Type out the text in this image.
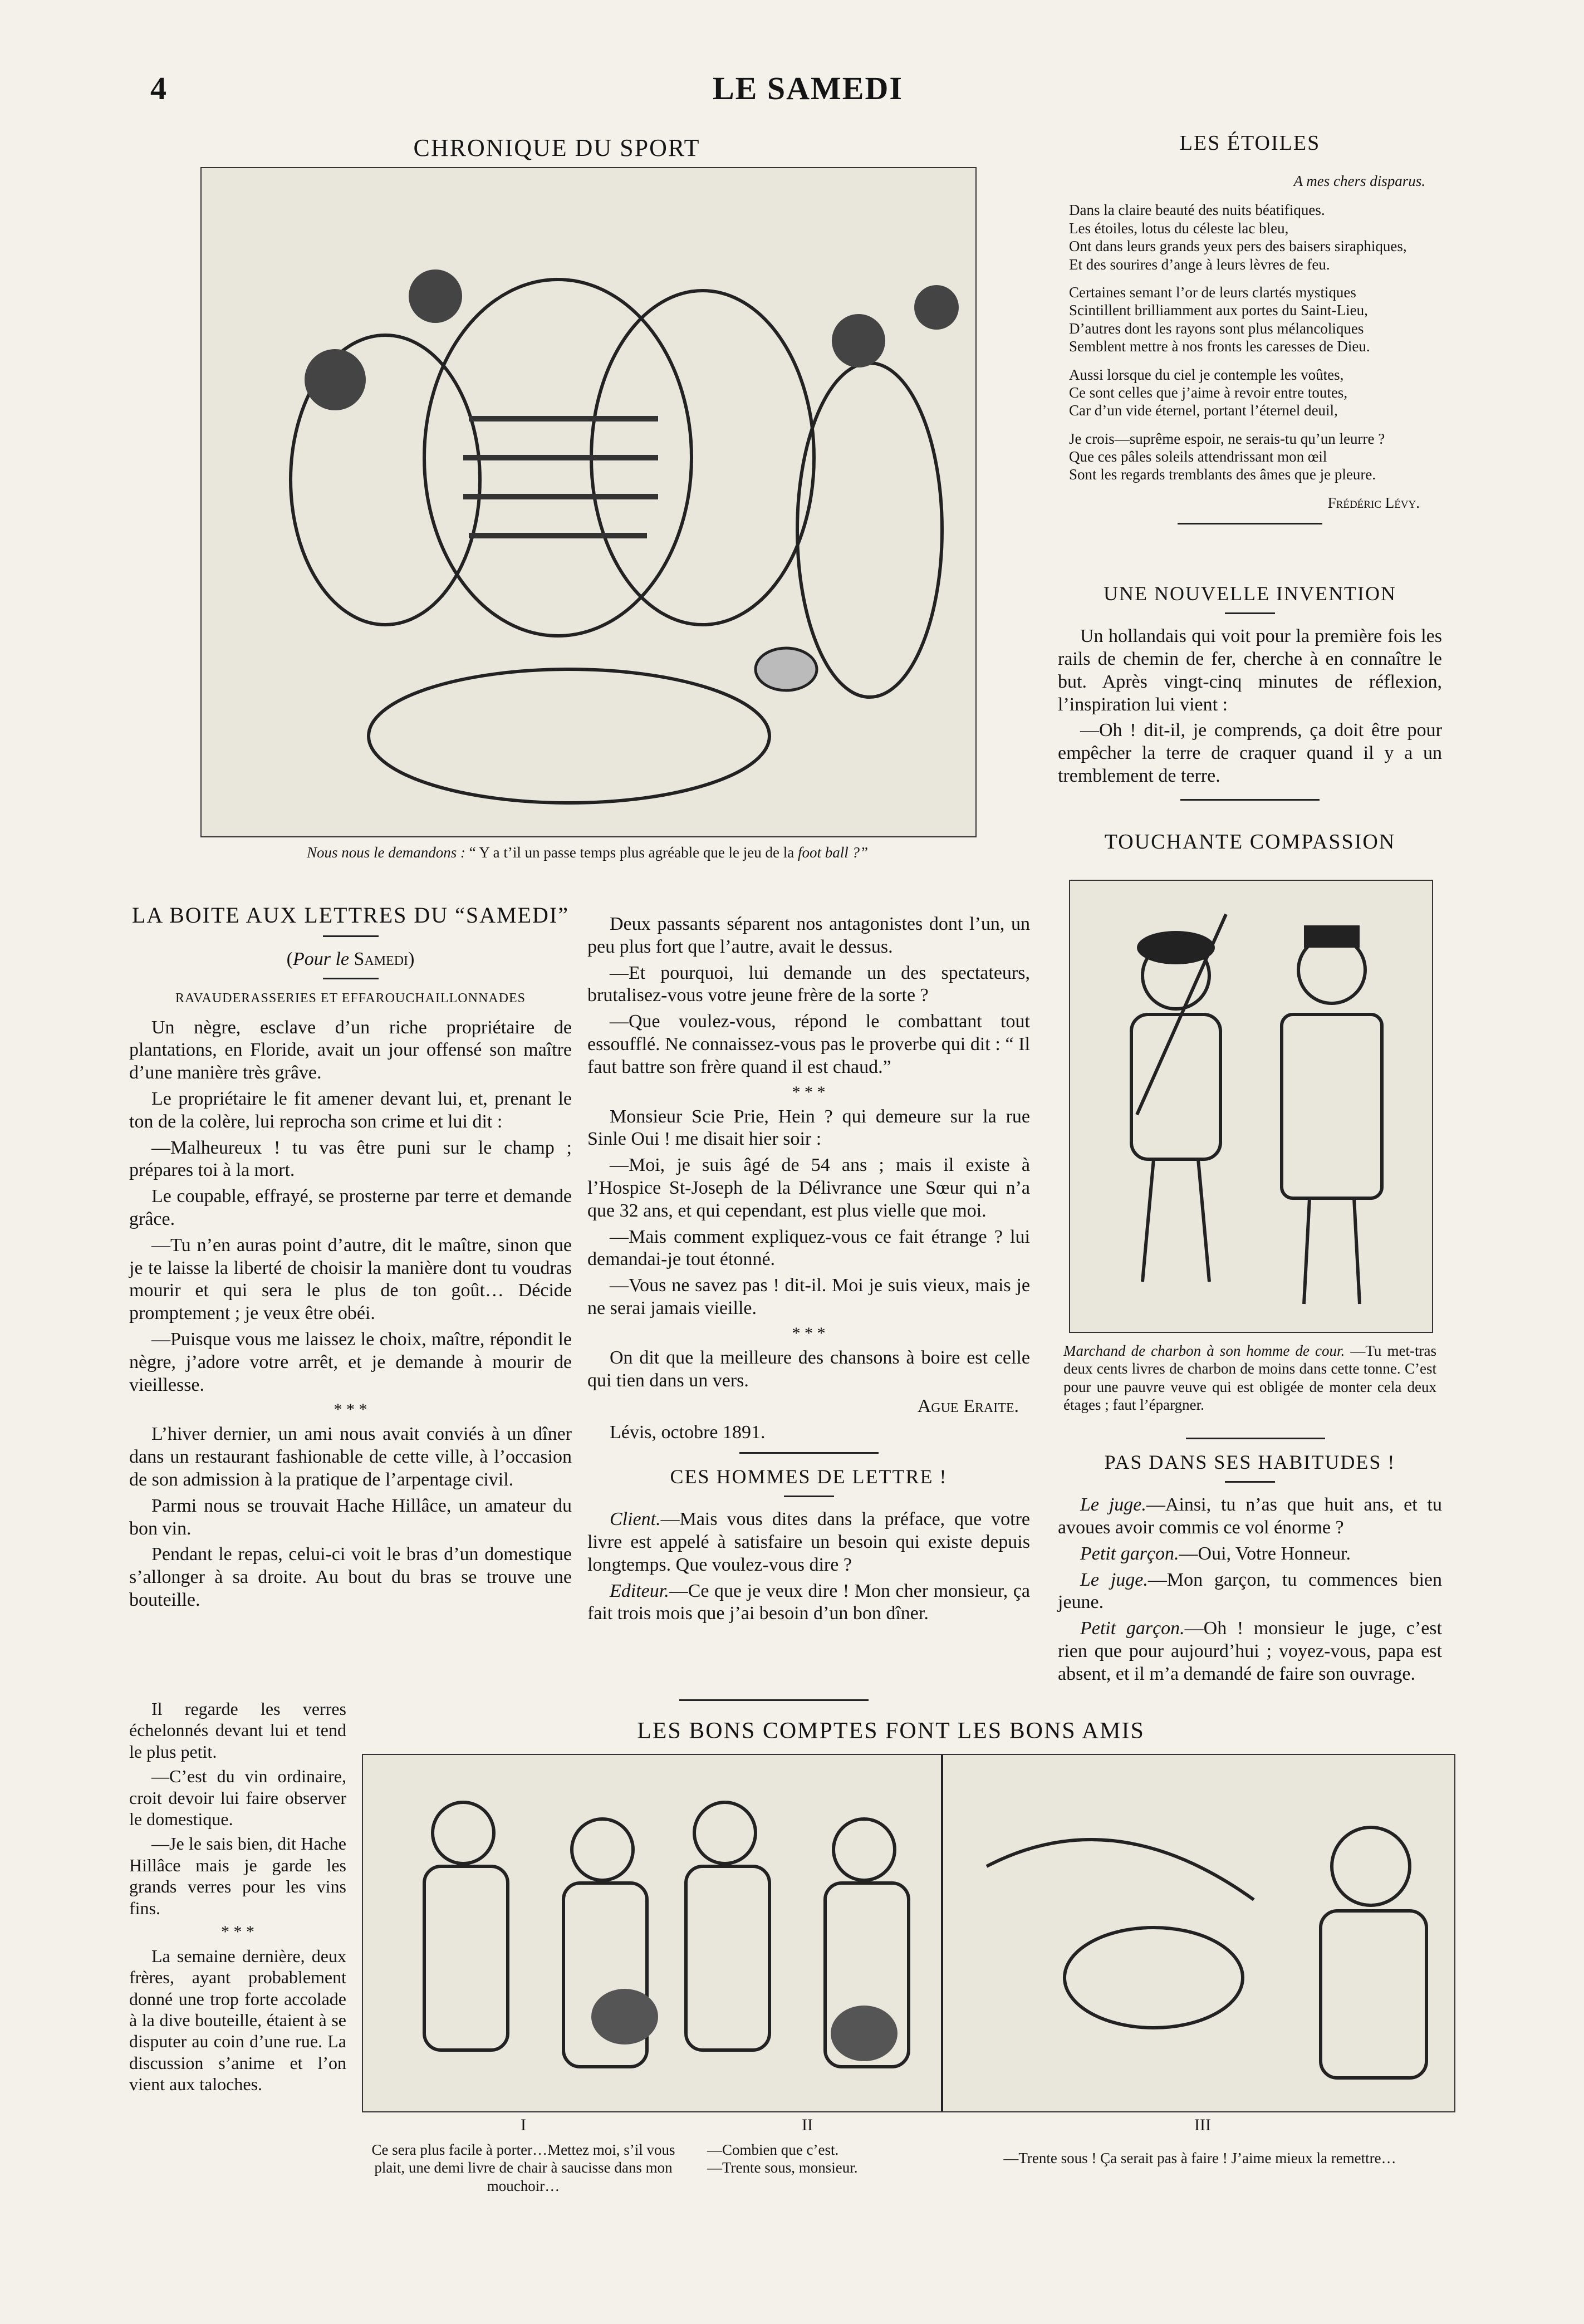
4	LE SAMEDI
CHRONIQUE DU SPORT
Nous nous le demandons : “ Y a t’il un passe temps plus agréable que le jeu de la foot ball ?”
LES ÉTOILES
A mes chers disparus.

Dans la claire beauté des nuits béatifiques.
Les étoiles, lotus du céleste lac bleu,
Ont dans leurs grands yeux pers des baisers siraphiques,
Et des sourires d’ange à leurs lèvres de feu.

Certaines semant l’or de leurs clartés mystiques
Scintillent brilliamment aux portes du Saint-Lieu,
D’autres dont les rayons sont plus mélancoliques
Semblent mettre à nos fronts les caresses de Dieu.

Aussi lorsque du ciel je contemple les voûtes,
Ce sont celles que j’aime à revoir entre toutes,
Car d’un vide éternel, portant l’éternel deuil,

Je crois—suprême espoir, ne serais-tu qu’un leurre ?
Que ces pâles soleils attendrissant mon œil
Sont les regards tremblants des âmes que je pleure.

Frédéric Lévy.
UNE NOUVELLE INVENTION

Un hollandais qui voit pour la première fois les rails de chemin de fer, cherche à en connaître le but. Après vingt-cinq minutes de réflexion, l’inspiration lui vient :

—Oh ! dit-il, je comprends, ça doit être pour empêcher la terre de craquer quand il y a un tremblement de terre.

TOUCHANTE COMPASSION
Marchand de charbon à son homme de cour. —Tu met-tras deux cents livres de charbon de moins dans cette tonne. C’est pour une pauvre veuve qui est obligée de monter cela deux étages ; faut l’épargner.
PAS DANS SES HABITUDES !

Le juge.—Ainsi, tu n’as que huit ans, et tu avoues avoir commis ce vol énorme ?

Petit garçon.—Oui, Votre Honneur.

Le juge.—Mon garçon, tu commences bien jeune.

Petit garçon.—Oh ! monsieur le juge, c’est rien que pour aujourd’hui ; voyez-vous, papa est absent, et il m’a demandé de faire son ouvrage.

LA BOITE AUX LETTRES DU “SAMEDI”
(Pour le Samedi)
RAVAUDERASSERIES ET EFFAROUCHAILLONNADES

Un nègre, esclave d’un riche propriétaire de plantations, en Floride, avait un jour offensé son maître d’une manière très grâve.

Le propriétaire le fit amener devant lui, et, prenant le ton de la colère, lui reprocha son crime et lui dit :

—Malheureux ! tu vas être puni sur le champ ; prépares toi à la mort.

Le coupable, effrayé, se prosterne par terre et demande grâce.

—Tu n’en auras point d’autre, dit le maître, sinon que je te laisse la liberté de choisir la manière dont tu voudras mourir et qui sera le plus de ton goût… Décide promptement ; je veux être obéi.

—Puisque vous me laissez le choix, maître, répondit le nègre, j’adore votre arrêt, et je demande à mourir de vieillesse.

* * *

L’hiver dernier, un ami nous avait conviés à un dîner dans un restaurant fashionable de cette ville, à l’occasion de son admission à la pratique de l’arpentage civil.

Parmi nous se trouvait Hache Hillâce, un amateur du bon vin.

Pendant le repas, celui-ci voit le bras d’un domestique s’allonger à sa droite. Au bout du bras se trouve une bouteille.

Il regarde les verres échelonnés devant lui et tend le plus petit.

—C’est du vin ordinaire, croit devoir lui faire observer le domestique.

—Je le sais bien, dit Hache Hillâce mais je garde les grands verres pour les vins fins.

* * *

La semaine dernière, deux frères, ayant probablement donné une trop forte accolade à la dive bouteille, étaient à se disputer au coin d’une rue. La discussion s’anime et l’on vient aux taloches.

Deux passants séparent nos antagonistes dont l’un, un peu plus fort que l’autre, avait le dessus.

—Et pourquoi, lui demande un des spectateurs, brutalisez-vous votre jeune frère de la sorte ?

—Que voulez-vous, répond le combattant tout essoufflé. Ne connaissez-vous pas le proverbe qui dit : “ Il faut battre son frère quand il est chaud.”

* * *

Monsieur Scie Prie, Hein ? qui demeure sur la rue Sinle Oui ! me disait hier soir :

—Moi, je suis âgé de 54 ans ; mais il existe à l’Hospice St-Joseph de la Délivrance une Sœur qui n’a que 32 ans, et qui cependant, est plus vielle que moi.

—Mais comment expliquez-vous ce fait étrange ? lui demandai-je tout étonné.

—Vous ne savez pas ! dit-il. Moi je suis vieux, mais je ne serai jamais vieille.

* * *

On dit que la meilleure des chansons à boire est celle qui tien dans un vers.

Ague Eraite.

Lévis, octobre 1891.

CES HOMMES DE LETTRE !

Client.—Mais vous dites dans la préface, que votre livre est appelé à satisfaire un besoin qui existe depuis longtemps. Que voulez-vous dire ?

Editeur.—Ce que je veux dire ! Mon cher monsieur, ça fait trois mois que j’ai besoin d’un bon dîner.

LES BONS COMPTES FONT LES BONS AMIS
I	II	III
Ce sera plus facile à porter…Mettez moi, s’il vous plait, une demi livre de chair à saucisse dans mon mouchoir…
—Combien que c’est.
—Trente sous, monsieur.
—Trente sous ! Ça serait pas à faire ! J’aime mieux la remettre…
